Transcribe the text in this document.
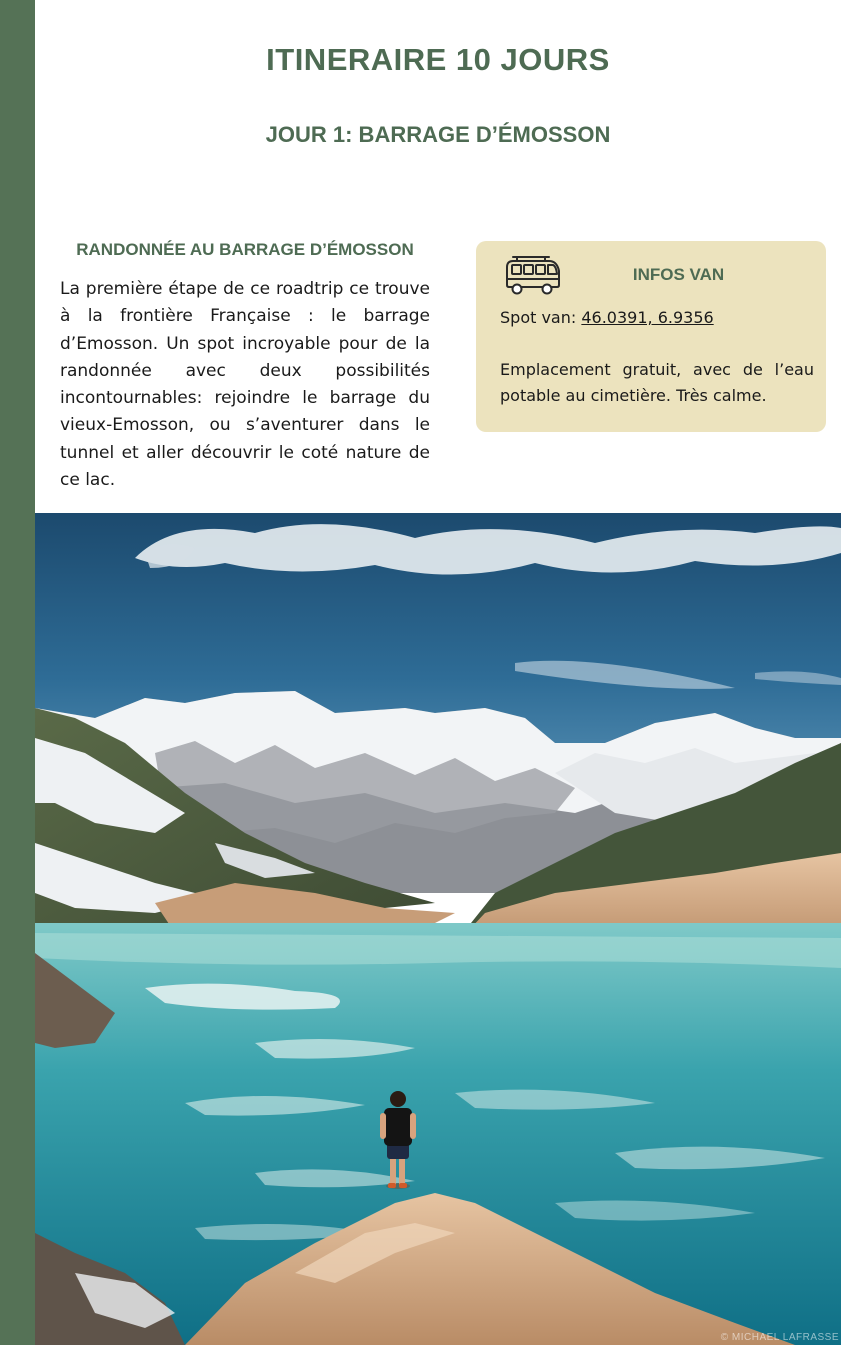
ITINERAIRE 10 JOURS
JOUR 1: BARRAGE D’ÉMOSSON
RANDONNÉE AU BARRAGE D’ÉMOSSON

La première étape de ce roadtrip ce trouve à la frontière Française : le barrage d’Emosson. Un spot incroyable pour de la randonnée avec deux possibilités incontournables: rejoindre le barrage du vieux-Emosson, ou s’aventurer dans le tunnel et aller découvrir le coté nature de ce lac.

INFOS VAN
Spot van: 46.0391, 6.9356
Emplacement gratuit, avec de l’eau potable au cimetière. Très calme.
© MICHAEL LAFRASSE
